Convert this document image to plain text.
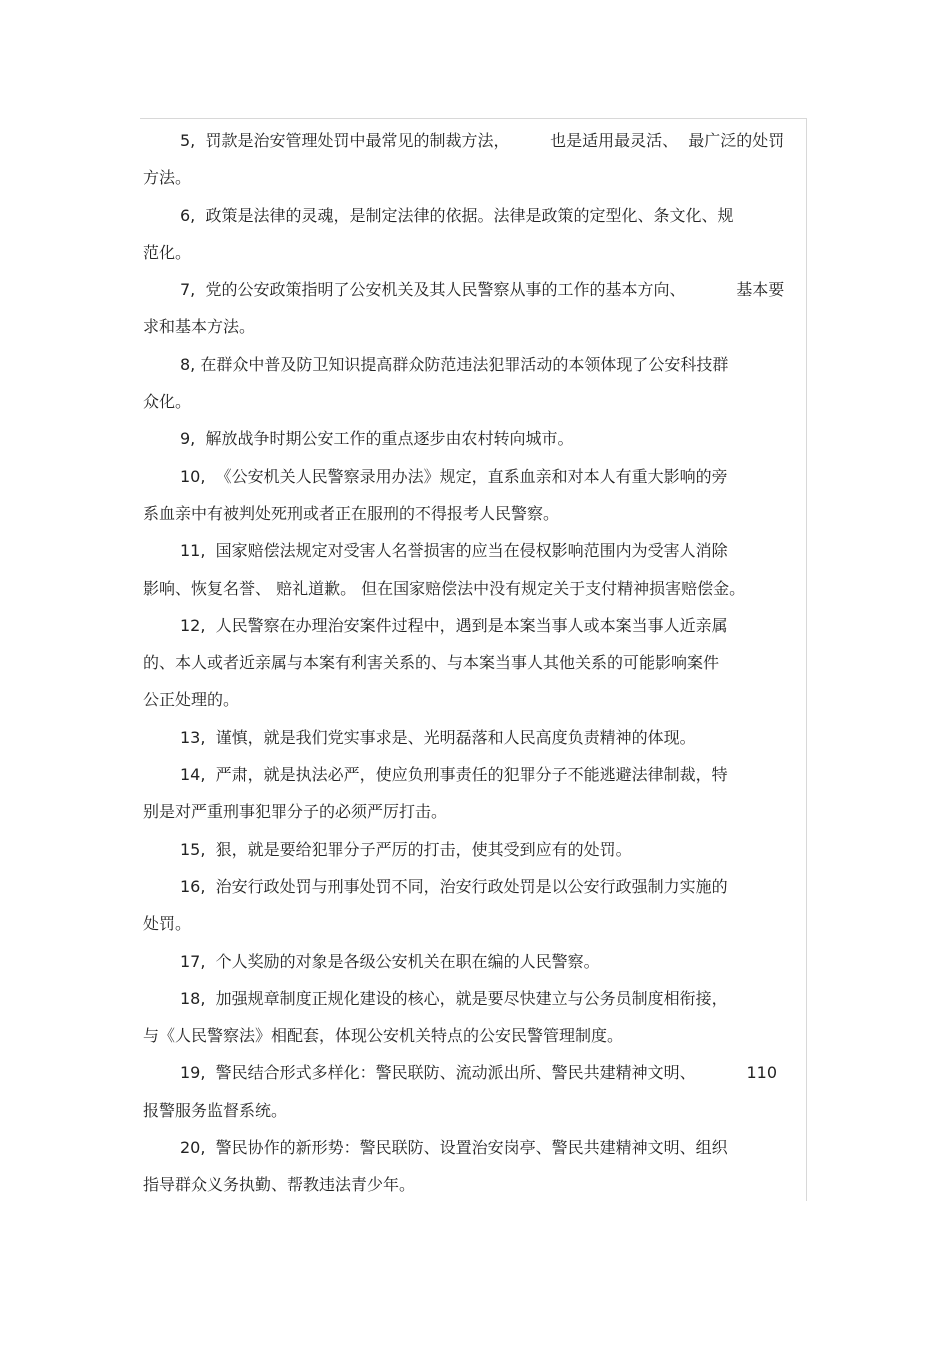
5,  罚款是治安管理处罚中最常见的制裁方法，        也是适用最灵活、  最广泛的处罚
方法。
6,  政策是法律的灵魂，是制定法律的依据。法律是政策的定型化、条文化、规
范化。
7,  党的公安政策指明了公安机关及其人民警察从事的工作的基本方向、          基本要
求和基本方法。
8, 在群众中普及防卫知识提高群众防范违法犯罪活动的本领体现了公安科技群
众化。
9,  解放战争时期公安工作的重点逐步由农村转向城市。
10,  《公安机关人民警察录用办法》规定，直系血亲和对本人有重大影响的旁
系血亲中有被判处死刑或者正在服刑的不得报考人民警察。
11,  国家赔偿法规定对受害人名誉损害的应当在侵权影响范围内为受害人消除
影响、恢复名誉、 赔礼道歉。 但在国家赔偿法中没有规定关于支付精神损害赔偿金。
12,  人民警察在办理治安案件过程中，遇到是本案当事人或本案当事人近亲属
的、本人或者近亲属与本案有利害关系的、与本案当事人其他关系的可能影响案件
公正处理的。
13,  谨慎，就是我们党实事求是、光明磊落和人民高度负责精神的体现。
14,  严肃，就是执法必严，使应负刑事责任的犯罪分子不能逃避法律制裁，特
别是对严重刑事犯罪分子的必须严厉打击。
15,  狠，就是要给犯罪分子严厉的打击，使其受到应有的处罚。
16,  治安行政处罚与刑事处罚不同，治安行政处罚是以公安行政强制力实施的
处罚。
17,  个人奖励的对象是各级公安机关在职在编的人民警察。
18,  加强规章制度正规化建设的核心，就是要尽快建立与公务员制度相衔接，
与《人民警察法》相配套，体现公安机关特点的公安民警管理制度。
19,  警民结合形式多样化：警民联防、流动派出所、警民共建精神文明、          110
报警服务监督系统。
20,  警民协作的新形势：警民联防、设置治安岗亭、警民共建精神文明、组织
指导群众义务执勤、帮教违法青少年。
